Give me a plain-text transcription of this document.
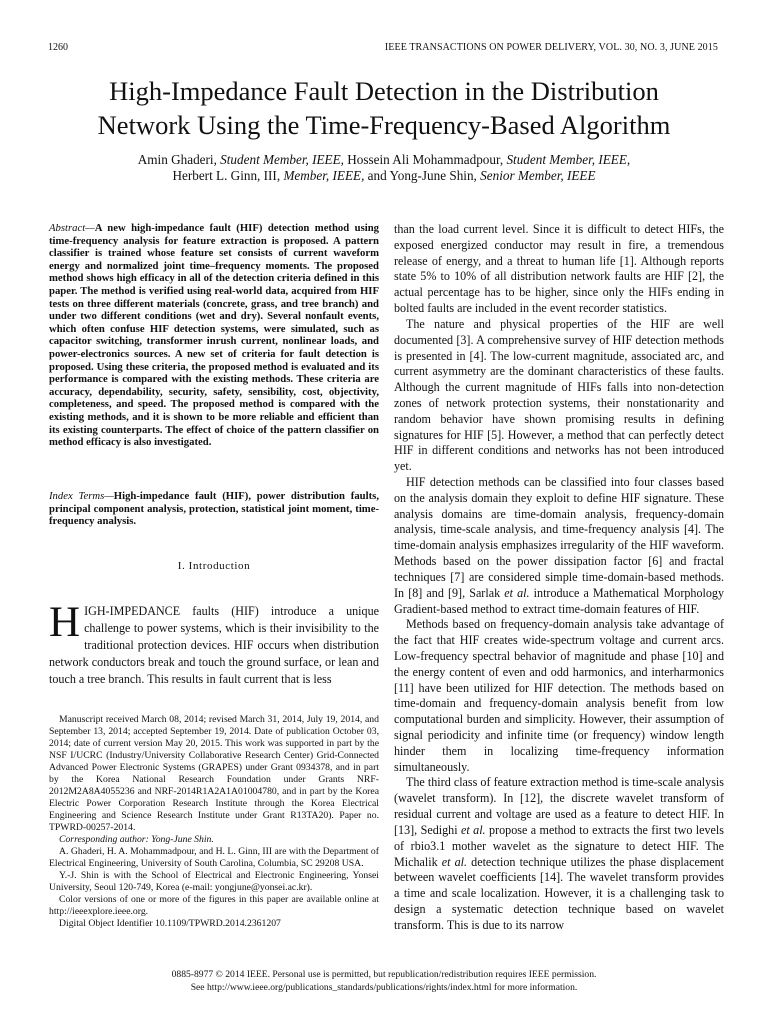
1260	IEEE TRANSACTIONS ON POWER DELIVERY, VOL. 30, NO. 3, JUNE 2015
High-Impedance Fault Detection in the Distribution
Network Using the Time-Frequency-Based Algorithm
Amin Ghaderi, Student Member, IEEE, Hossein Ali Mohammadpour, Student Member, IEEE,
Herbert L. Ginn, III, Member, IEEE, and Yong-June Shin, Senior Member, IEEE
Abstract—A new high-impedance fault (HIF) detection method using time-frequency analysis for feature extraction is proposed. A pattern classifier is trained whose feature set consists of current waveform energy and normalized joint time–frequency moments. The proposed method shows high efficacy in all of the detection criteria defined in this paper. The method is verified using real-world data, acquired from HIF tests on three different materials (concrete, grass, and tree branch) and under two different conditions (wet and dry). Several nonfault events, which often confuse HIF detection systems, were simulated, such as capacitor switching, transformer inrush current, nonlinear loads, and power-electronics sources. A new set of criteria for fault detection is proposed. Using these criteria, the proposed method is evaluated and its performance is compared with the existing methods. These criteria are accuracy, dependability, security, safety, sensibility, cost, objectivity, completeness, and speed. The proposed method is compared with the existing methods, and it is shown to be more reliable and efficient than its existing counterparts. The effect of choice of the pattern classifier on method efficacy is also investigated.
Index Terms—High-impedance fault (HIF), power distribution faults, principal component analysis, protection, statistical joint moment, time-frequency analysis.
I. Introduction
HIGH-IMPEDANCE faults (HIF) introduce a unique challenge to power systems, which is their invisibility to the traditional protection devices. HIF occurs when distribution network conductors break and touch the ground surface, or lean and touch a tree branch. This results in fault current that is less

Manuscript received March 08, 2014; revised March 31, 2014, July 19, 2014, and September 13, 2014; accepted September 19, 2014. Date of publication October 03, 2014; date of current version May 20, 2015. This work was supported in part by the NSF I/UCRC (Industry/University Collaborative Research Center) Grid-Connected Advanced Power Electronic Systems (GRAPES) under Grant 0934378, and in part by the Korea National Research Foundation under Grants NRF-2012M2A8A4055236 and NRF-2014R1A2A1A01004780, and in part by the Korea Electric Power Corporation Research Institute through the Korea Electrical Engineering and Science Research Institute under Grant R13TA20). Paper no. TPWRD-00257-2014.

Corresponding author: Yong-June Shin.

A. Ghaderi, H. A. Mohammadpour, and H. L. Ginn, III are with the Department of Electrical Engineering, University of South Carolina, Columbia, SC 29208 USA.

Y.-J. Shin is with the School of Electrical and Electronic Engineering, Yonsei University, Seoul 120-749, Korea (e-mail: yongjune@yonsei.ac.kr).

Color versions of one or more of the figures in this paper are available online at http://ieeexplore.ieee.org.

Digital Object Identifier 10.1109/TPWRD.2014.2361207

than the load current level. Since it is difficult to detect HIFs, the exposed energized conductor may result in fire, a tremendous release of energy, and a threat to human life [1]. Although reports state 5% to 10% of all distribution network faults are HIF [2], the actual percentage has to be higher, since only the HIFs ending in bolted faults are included in the event recorder statistics.

The nature and physical properties of the HIF are well documented [3]. A comprehensive survey of HIF detection methods is presented in [4]. The low-current magnitude, associated arc, and current asymmetry are the dominant characteristics of these faults. Although the current magnitude of HIFs falls into non-detection zones of network protection systems, their nonstationarity and random behavior have shown promising results in defining signatures for HIF [5]. However, a method that can perfectly detect HIF in different conditions and networks has not been introduced yet.

HIF detection methods can be classified into four classes based on the analysis domain they exploit to define HIF signature. These analysis domains are time-domain analysis, frequency-domain analysis, time-scale analysis, and time-frequency analysis [4]. The time-domain analysis emphasizes irregularity of the HIF waveform. Methods based on the power dissipation factor [6] and fractal techniques [7] are considered simple time-domain-based methods. In [8] and [9], Sarlak et al. introduce a Mathematical Morphology Gradient-based method to extract time-domain features of HIF.

Methods based on frequency-domain analysis take advantage of the fact that HIF creates wide-spectrum voltage and current arcs. Low-frequency spectral behavior of magnitude and phase [10] and the energy content of even and odd harmonics, and interharmonics [11] have been utilized for HIF detection. The methods based on time-domain and frequency-domain analysis benefit from low computational burden and simplicity. However, their assumption of signal periodicity and infinite time (or frequency) window length hinder them in localizing time-frequency information simultaneously.

The third class of feature extraction method is time-scale analysis (wavelet transform). In [12], the discrete wavelet transform of residual current and voltage are used as a feature to detect HIF. In [13], Sedighi et al. propose a method to extracts the first two levels of rbio3.1 mother wavelet as the signature to detect HIF. The Michalik et al. detection technique utilizes the phase displacement between wavelet coefficients [14]. The wavelet transform provides a time and scale localization. However, it is a challenging task to design a systematic detection technique based on wavelet transform. This is due to its narrow

0885-8977 © 2014 IEEE. Personal use is permitted, but republication/redistribution requires IEEE permission.
See http://www.ieee.org/publications_standards/publications/rights/index.html for more information.
